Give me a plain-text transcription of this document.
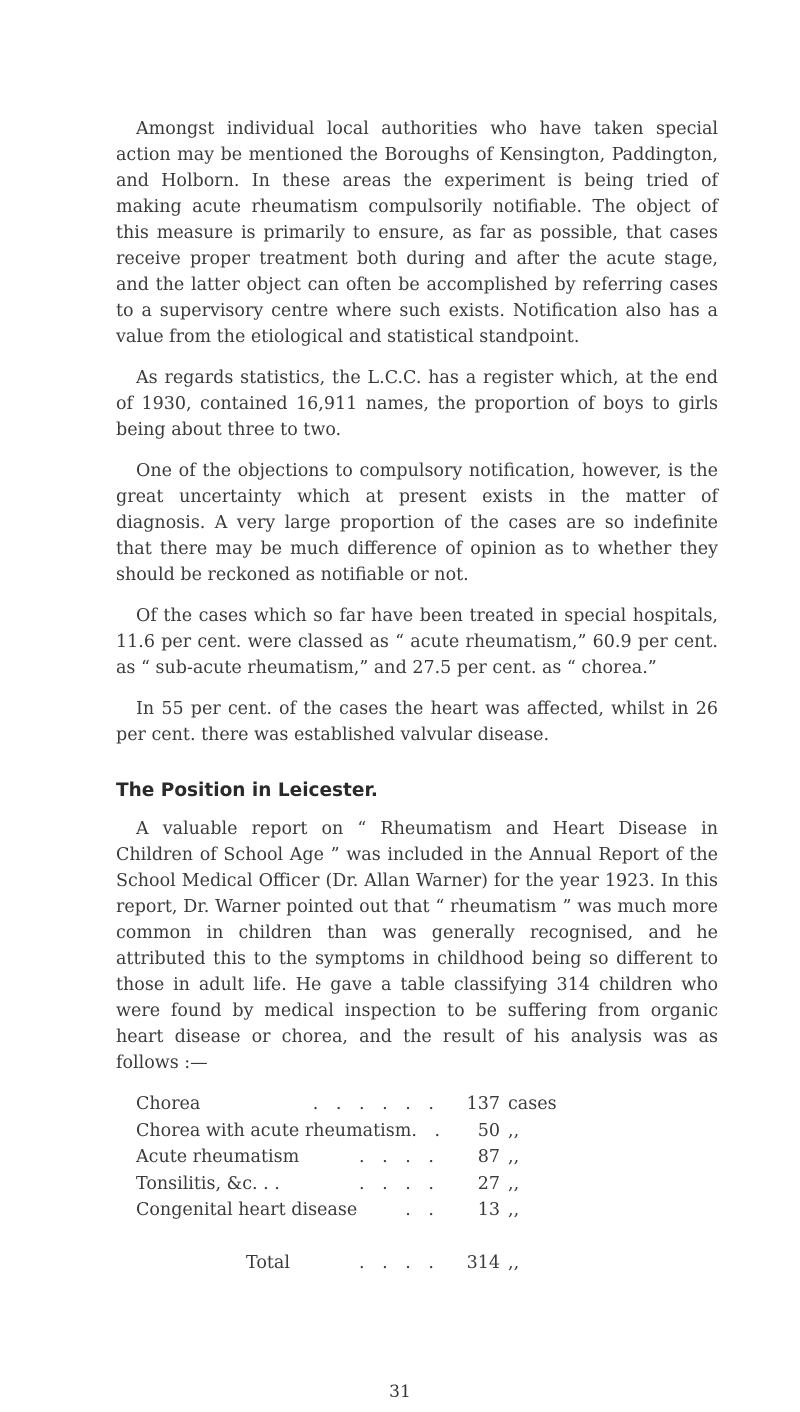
Amongst individual local authorities who have taken special action may be mentioned the Boroughs of Kensington, Paddington, and Holborn. In these areas the experiment is being tried of making acute rheumatism compulsorily notifiable. The object of this measure is primarily to ensure, as far as possible, that cases receive proper treatment both during and after the acute stage, and the latter object can often be accomplished by referring cases to a supervisory centre where such exists. Notification also has a value from the etiological and statistical standpoint.

As regards statistics, the L.C.C. has a register which, at the end of 1930, contained 16,911 names, the proportion of boys to girls being about three to two.

One of the objections to compulsory notification, however, is the great uncertainty which at present exists in the matter of diagnosis. A very large proportion of the cases are so indefinite that there may be much difference of opinion as to whether they should be reckoned as notifiable or not.

Of the cases which so far have been treated in special hospitals, 11.6 per cent. were classed as “ acute rheumatism,” 60.9 per cent. as “ sub-acute rheumatism,” and 27.5 per cent. as “ chorea.”

In 55 per cent. of the cases the heart was affected, whilst in 26 per cent. there was established valvular disease.

The Position in Leicester.

A valuable report on “ Rheumatism and Heart Disease in Children of School Age ” was included in the Annual Report of the School Medical Officer (Dr. Allan Warner) for the year 1923. In this report, Dr. Warner pointed out that “ rheumatism ” was much more common in children than was generally recognised, and he attributed this to the symptoms in childhood being so different to those in adult life. He gave a table classifying 314 children who were found by medical inspection to be suffering from organic heart disease or chorea, and the result of his analysis was as follows :—

Chorea	. . . . . .	137 cases
Chorea with acute rheumatism . .	50 ,,
Acute rheumatism	. . . .	87 ,,
Tonsilitis, &c. . .	. . . .	27 ,,
Congenital heart disease	. .	13 ,,
Total	. . . .	314 ,,
31
